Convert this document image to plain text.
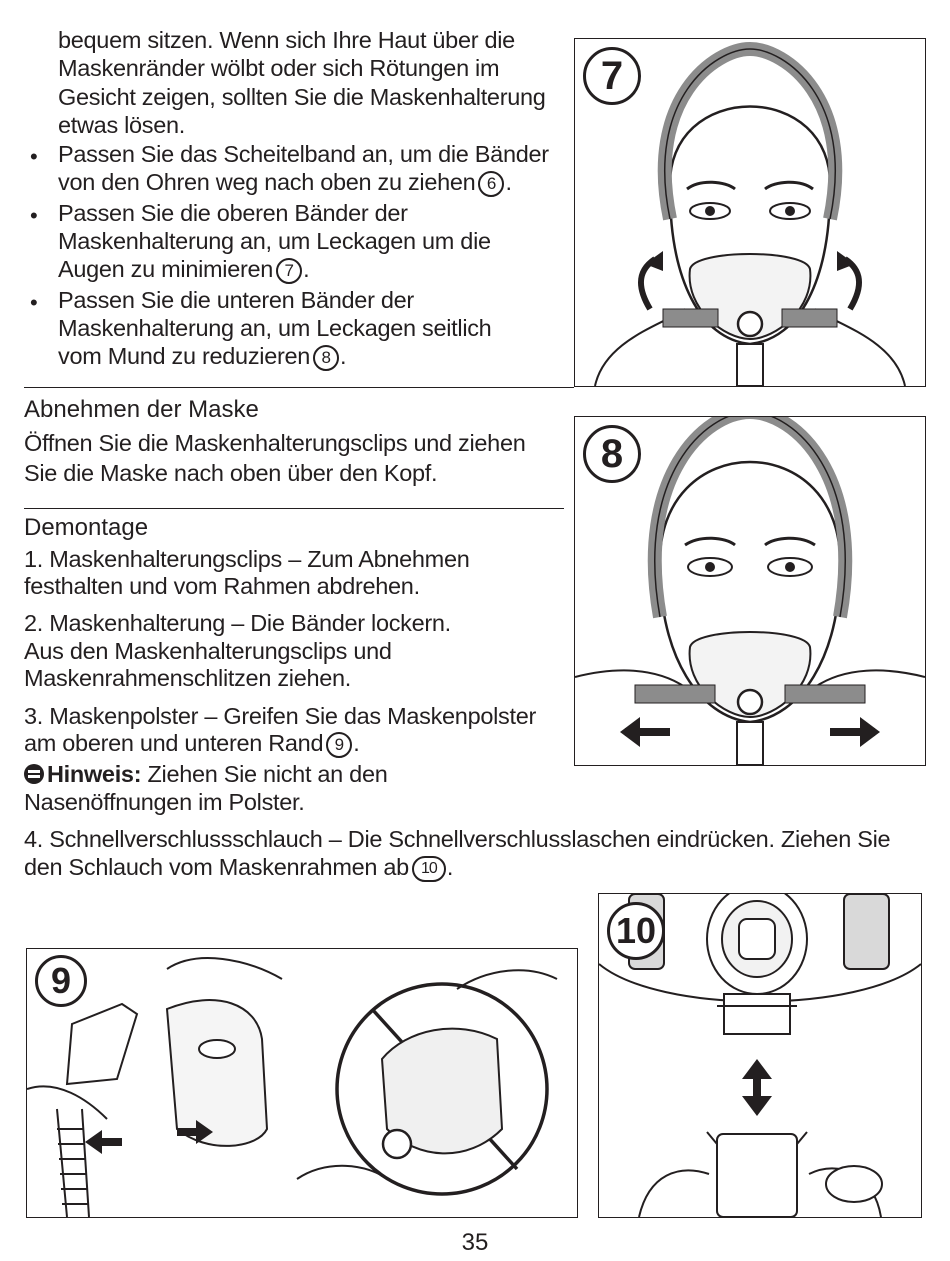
bequem sitzen. Wenn sich Ihre Haut über die
Maskenränder wölbt oder sich Rötungen im
Gesicht zeigen, sollten Sie die Maskenhalterung
etwas lösen.
• Passen Sie das Scheitelband an, um die Bänder
von den Ohren weg nach oben zu ziehen 6 .
• Passen Sie die oberen Bänder der
Maskenhalterung an, um Leckagen um die
Augen zu minimieren 7 .
• Passen Sie die unteren Bänder der
Maskenhalterung an, um Leckagen seitlich
vom Mund zu reduzieren 8 .
Abnehmen der Maske
Öffnen Sie die Maskenhalterungsclips und ziehen
Sie die Maske nach oben über den Kopf.
Demontage
1. Maskenhalterungsclips – Zum Abnehmen
festhalten und vom Rahmen abdrehen.
2. Maskenhalterung – Die Bänder lockern.
Aus den Maskenhalterungsclips und
Maskenrahmenschlitzen ziehen.
3. Maskenpolster – Greifen Sie das Maskenpolster
am oberen und unteren Rand 9 .
Hinweis: Ziehen Sie nicht an den
Nasenöffnungen im Polster.
4. Schnellverschlussschlauch – Die Schnellverschlusslaschen eindrücken. Ziehen Sie
den Schlauch vom Maskenrahmen ab 10 .
7
8
9
10
35
